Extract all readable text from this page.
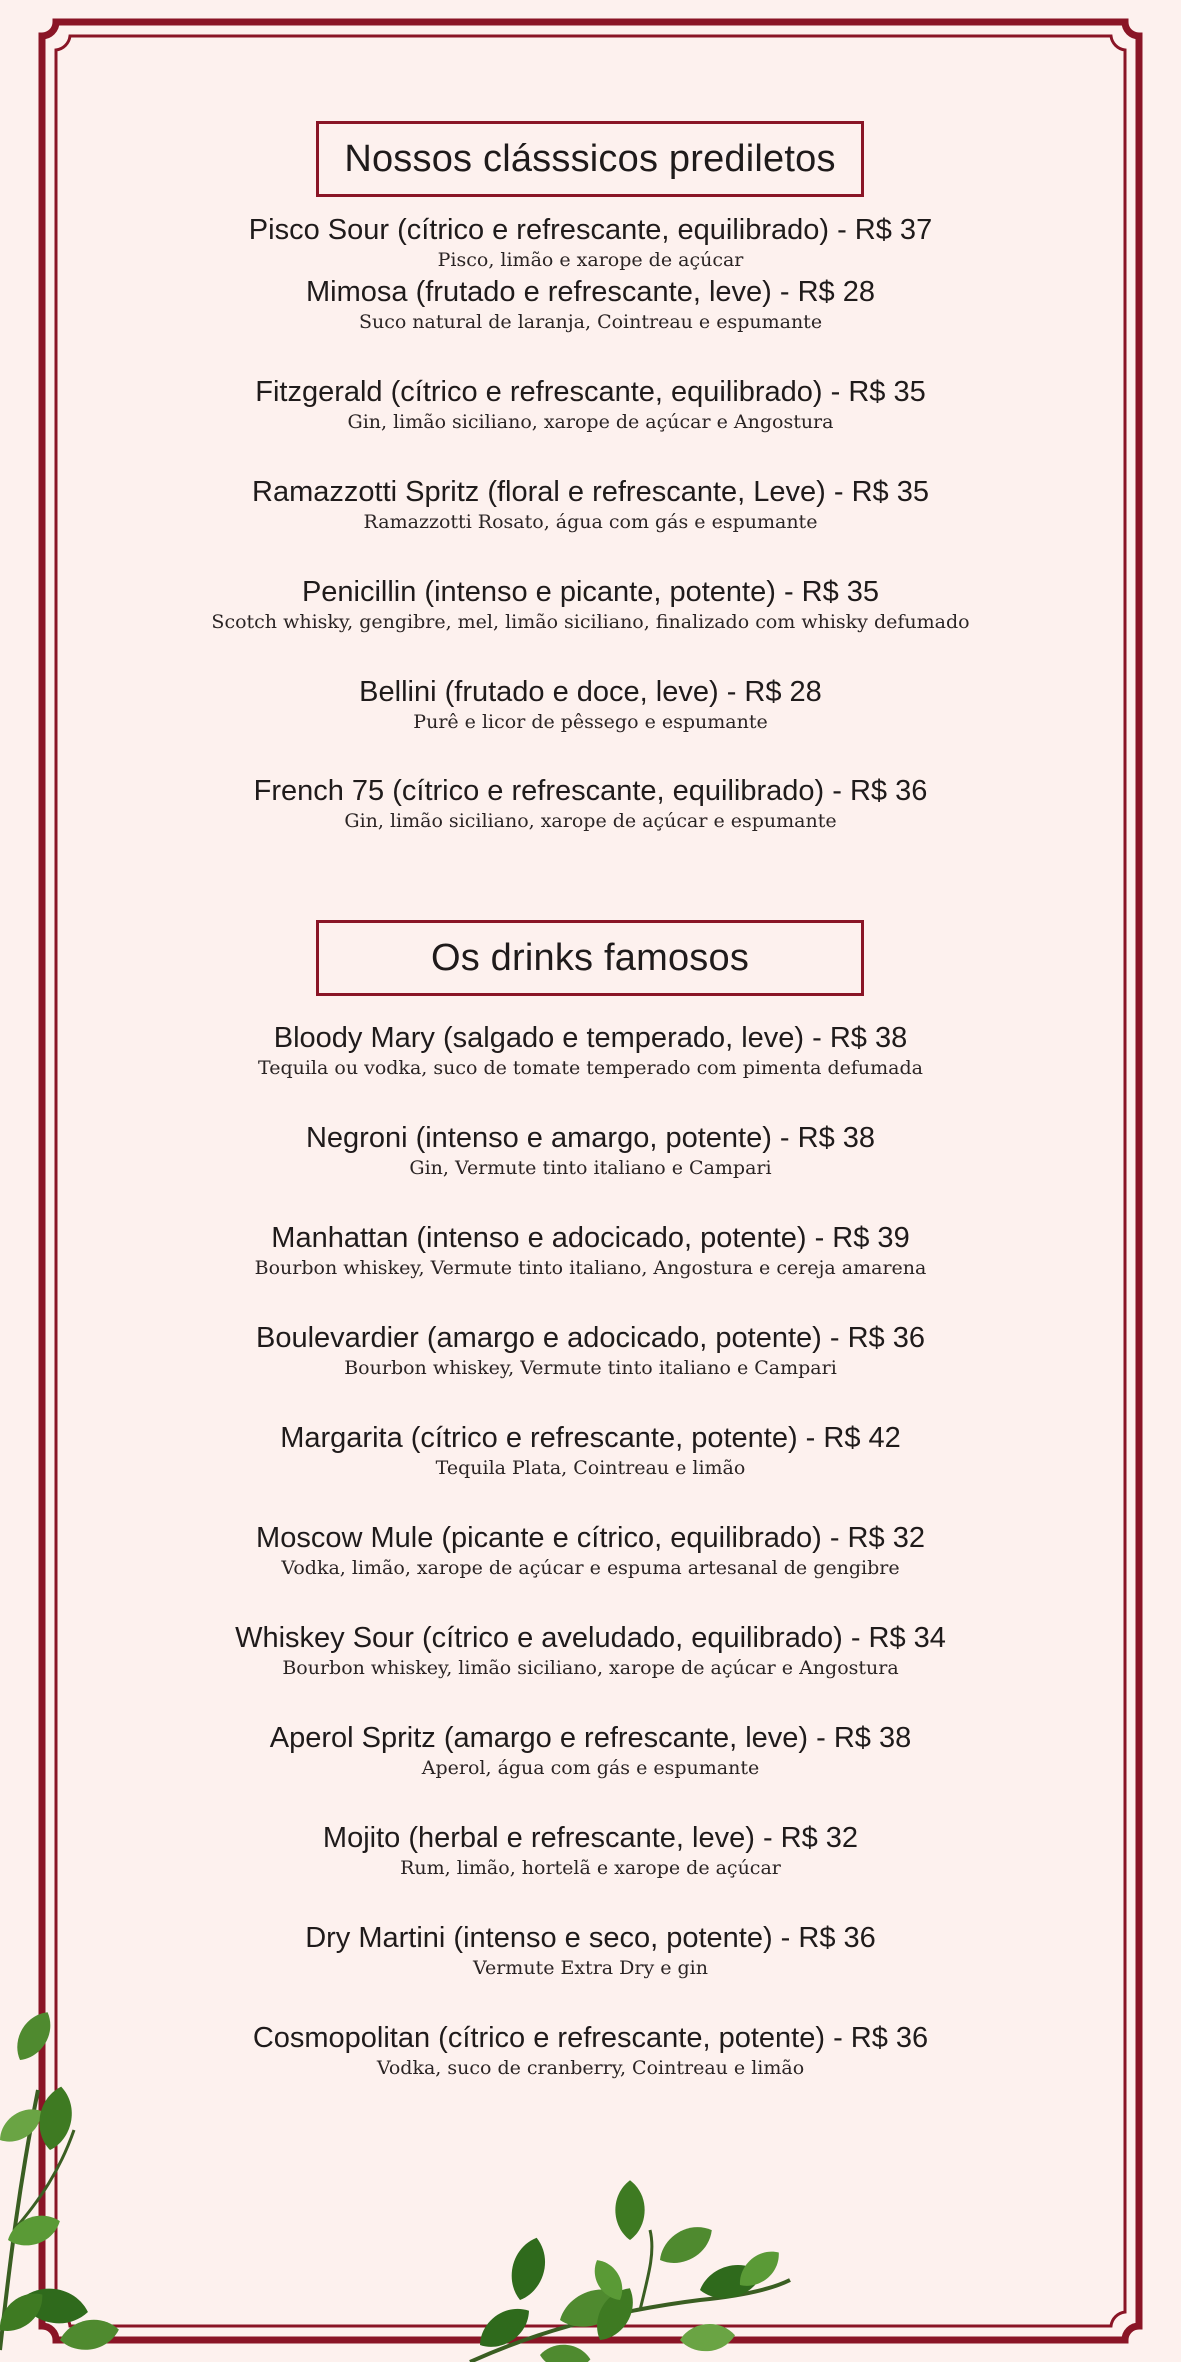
Nossos clásssicos prediletos
Pisco Sour (cítrico e refrescante, equilibrado) - R$ 37
Pisco, limão e xarope de açúcar
Mimosa (frutado e refrescante, leve) - R$ 28
Suco natural de laranja, Cointreau e espumante
Fitzgerald (cítrico e refrescante, equilibrado) - R$ 35
Gin, limão siciliano, xarope de açúcar e Angostura
Ramazzotti Spritz (floral e refrescante, Leve) - R$ 35
Ramazzotti Rosato, água com gás e espumante
Penicillin (intenso e picante, potente) - R$ 35
Scotch whisky, gengibre, mel, limão siciliano, finalizado com whisky defumado
Bellini (frutado e doce, leve) - R$ 28
Purê e licor de pêssego e espumante
French 75 (cítrico e refrescante, equilibrado) - R$ 36
Gin, limão siciliano, xarope de açúcar e espumante
Os drinks famosos
Bloody Mary (salgado e temperado, leve) - R$ 38
Tequila ou vodka, suco de tomate temperado com pimenta defumada
Negroni (intenso e amargo, potente) - R$ 38
Gin, Vermute tinto italiano e Campari
Manhattan (intenso e adocicado, potente) - R$ 39
Bourbon whiskey, Vermute tinto italiano, Angostura e cereja amarena
Boulevardier (amargo e adocicado, potente) - R$ 36
Bourbon whiskey, Vermute tinto italiano e Campari
Margarita (cítrico e refrescante, potente) - R$ 42
Tequila Plata, Cointreau e limão
Moscow Mule (picante e cítrico, equilibrado) - R$ 32
Vodka, limão, xarope de açúcar e espuma artesanal de gengibre
Whiskey Sour (cítrico e aveludado, equilibrado) - R$ 34
Bourbon whiskey, limão siciliano, xarope de açúcar e Angostura
Aperol Spritz (amargo e refrescante, leve) - R$ 38
Aperol, água com gás e espumante
Mojito (herbal e refrescante, leve) - R$ 32
Rum, limão, hortelã e xarope de açúcar
Dry Martini (intenso e seco, potente) - R$ 36
Vermute Extra Dry e gin
Cosmopolitan (cítrico e refrescante, potente) - R$ 36
Vodka, suco de cranberry, Cointreau e limão
